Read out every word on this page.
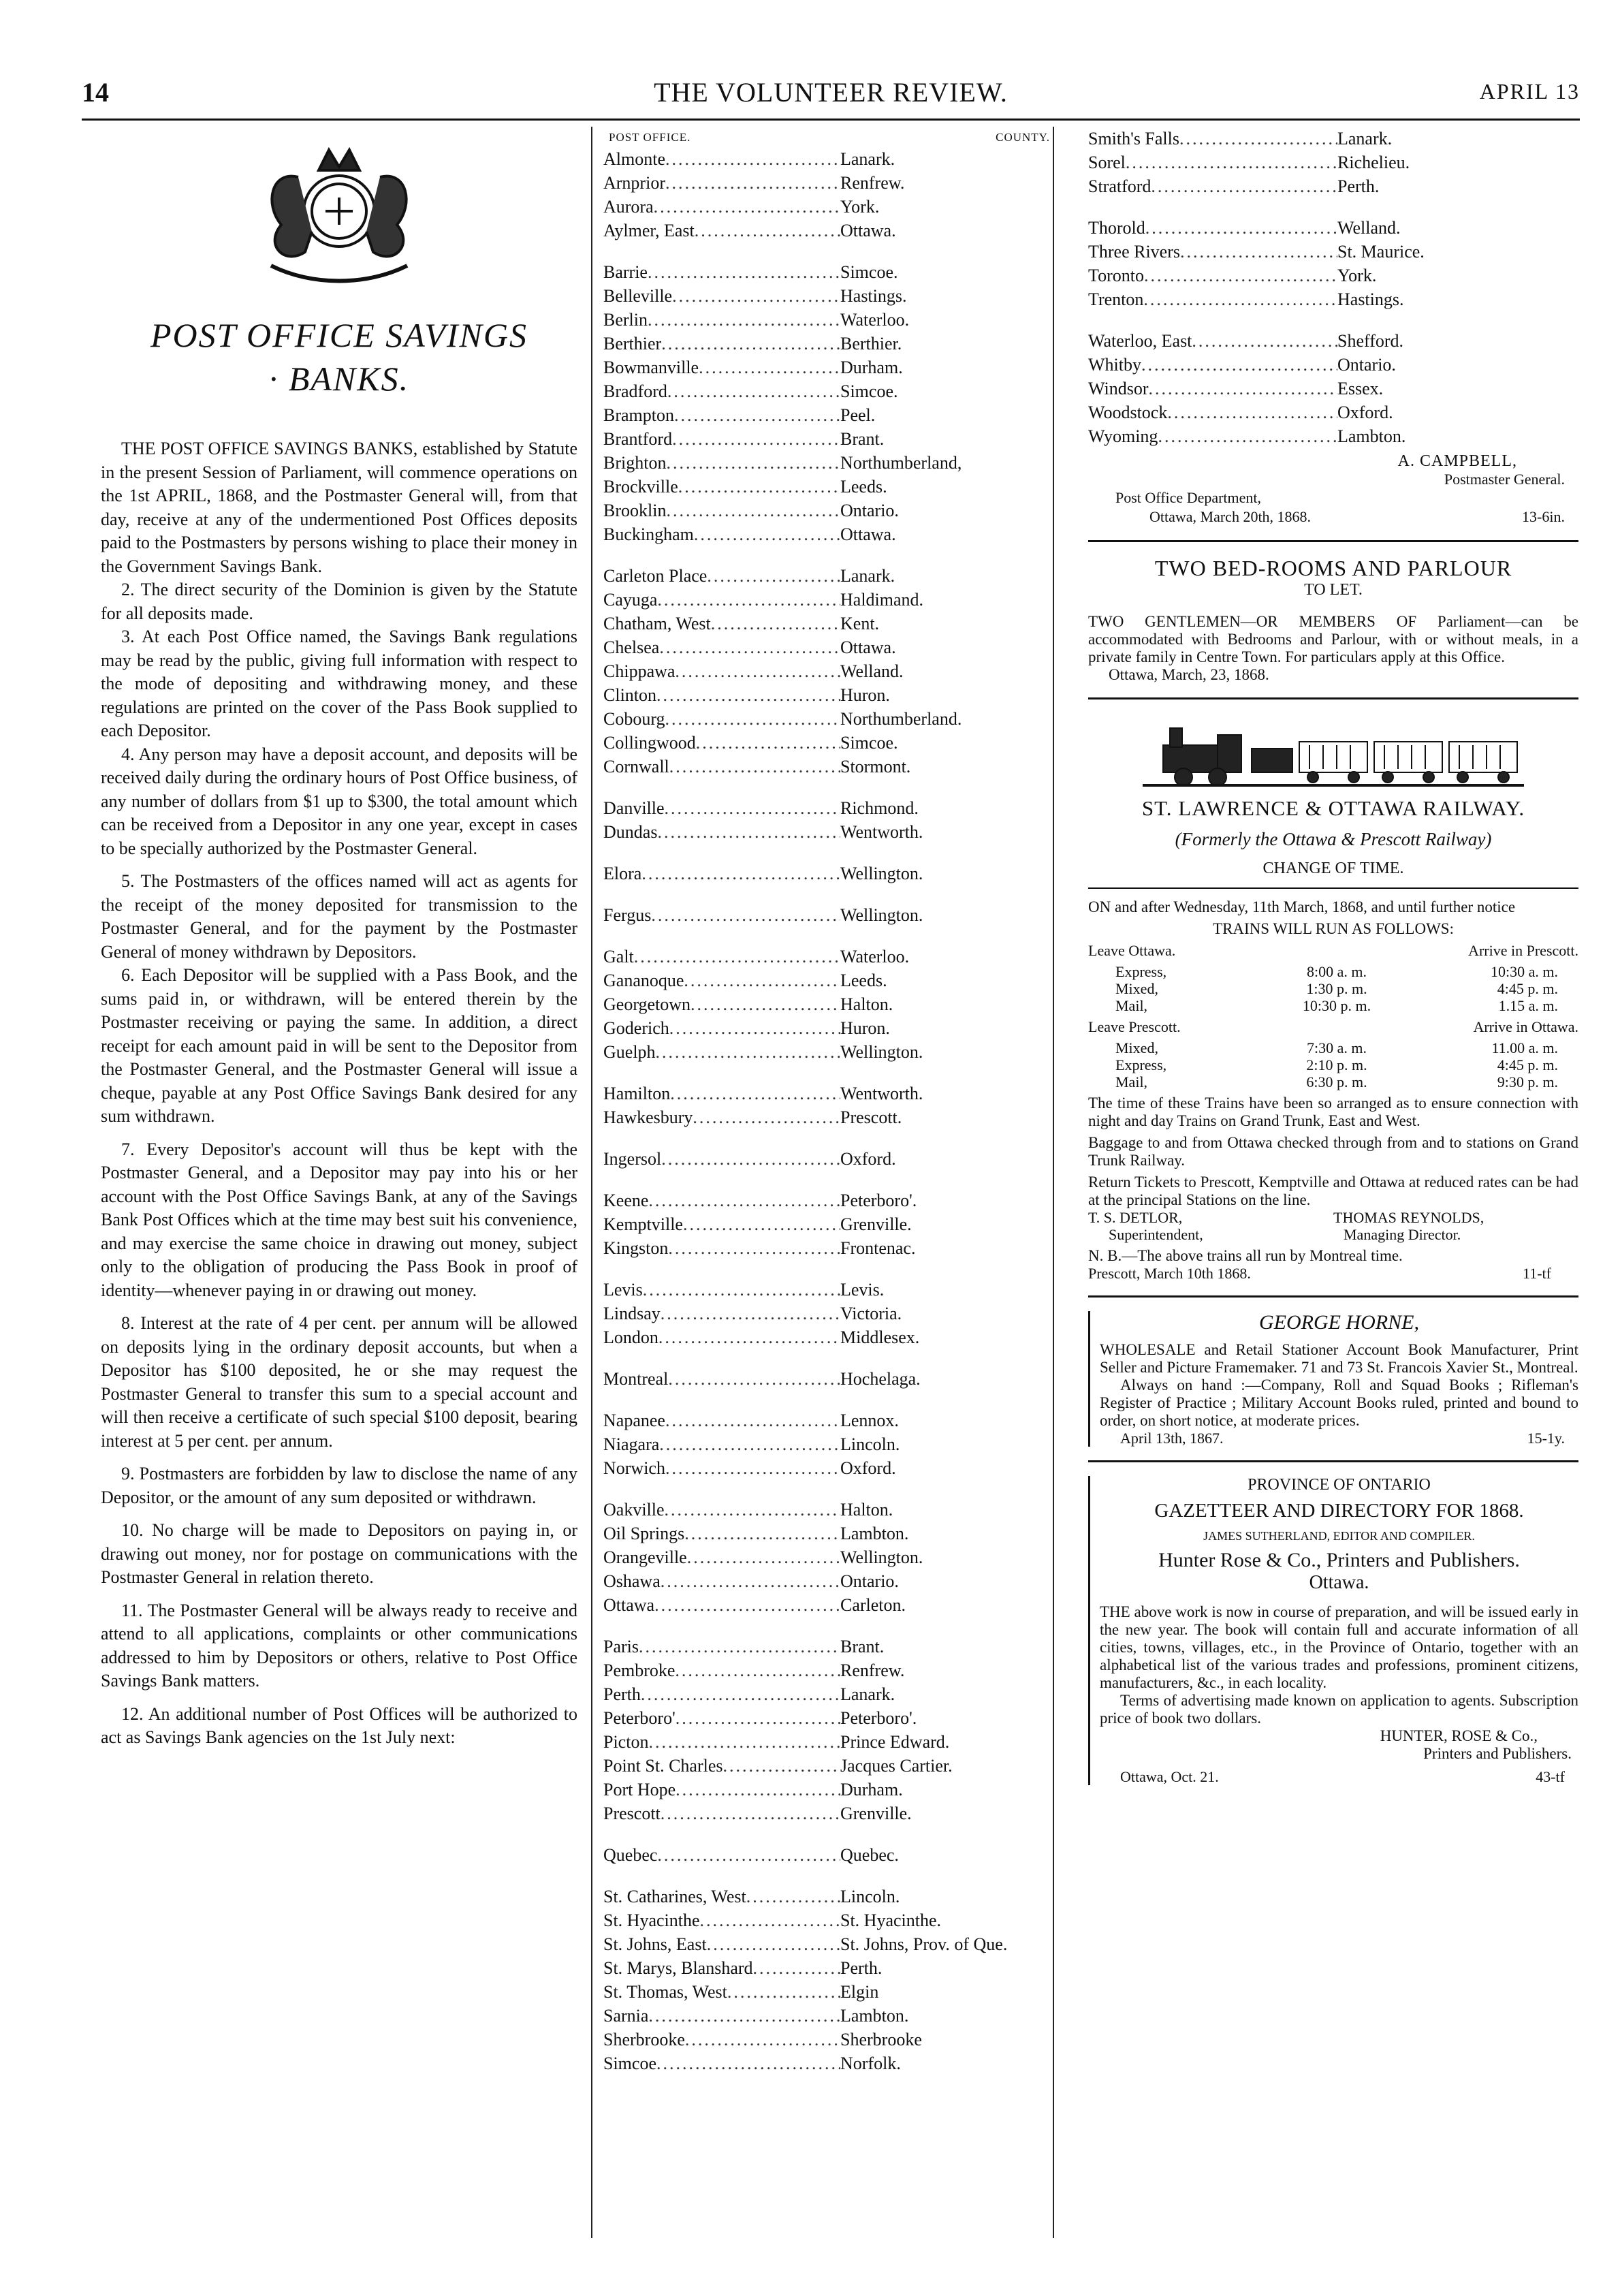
14	THE VOLUNTEER REVIEW.	APRIL 13
POST OFFICE SAVINGS
· BANKS.

THE POST OFFICE SAVINGS BANKS, established by Statute in the present Session of Parliament, will commence operations on the 1st APRIL, 1868, and the Postmaster General will, from that day, receive at any of the undermentioned Post Offices deposits paid to the Postmasters by persons wishing to place their money in the Government Savings Bank.

2. The direct security of the Dominion is given by the Statute for all deposits made.

3. At each Post Office named, the Savings Bank regulations may be read by the public, giving full information with respect to the mode of depositing and withdrawing money, and these regulations are printed on the cover of the Pass Book supplied to each Depositor.

4. Any person may have a deposit account, and deposits will be received daily during the ordinary hours of Post Office business, of any number of dollars from $1 up to $300, the total amount which can be received from a Depositor in any one year, except in cases to be specially authorized by the Postmaster General.

5. The Postmasters of the offices named will act as agents for the receipt of the money deposited for transmission to the Postmaster General, and for the payment by the Postmaster General of money withdrawn by Depositors.

6. Each Depositor will be supplied with a Pass Book, and the sums paid in, or withdrawn, will be entered therein by the Postmaster receiving or paying the same. In addition, a direct receipt for each amount paid in will be sent to the Depositor from the Postmaster General, and the Postmaster General will issue a cheque, payable at any Post Office Savings Bank desired for any sum withdrawn.

7. Every Depositor's account will thus be kept with the Postmaster General, and a Depositor may pay into his or her account with the Post Office Savings Bank, at any of the Savings Bank Post Offices which at the time may best suit his convenience, and may exercise the same choice in drawing out money, subject only to the obligation of producing the Pass Book in proof of identity—whenever paying in or drawing out money.

8. Interest at the rate of 4 per cent. per annum will be allowed on deposits lying in the ordinary deposit accounts, but when a Depositor has $100 deposited, he or she may request the Postmaster General to transfer this sum to a special account and will then receive a certificate of such special $100 deposit, bearing interest at 5 per cent. per annum.

9. Postmasters are forbidden by law to disclose the name of any Depositor, or the amount of any sum deposited or withdrawn.

10. No charge will be made to Depositors on paying in, or drawing out money, nor for postage on communications with the Postmaster General in relation thereto.

11. The Postmaster General will be always ready to receive and attend to all applications, complaints or other communications addressed to him by Depositors or others, relative to Post Office Savings Bank matters.

12. An additional number of Post Offices will be authorized to act as Savings Bank agencies on the 1st July next:

POST OFFICE.	COUNTY.
Almonte .....	Lanark.
Arnprior .....	Renfrew.
Aurora .....	York.
Aylmer, East .....	Ottawa.
Barrie .....	Simcoe.
Belleville .....	Hastings.
Berlin .....	Waterloo.
Berthier .....	Berthier.
Bowmanville .....	Durham.
Bradford .....	Simcoe.
Brampton .....	Peel.
Brantford .....	Brant.
Brighton .....	Northumberland,
Brockville .....	Leeds.
Brooklin .....	Ontario.
Buckingham .....	Ottawa.
Carleton Place .....	Lanark.
Cayuga .....	Haldimand.
Chatham, West .....	Kent.
Chelsea .....	Ottawa.
Chippawa .....	Welland.
Clinton .....	Huron.
Cobourg .....	Northumberland.
Collingwood .....	Simcoe.
Cornwall .....	Stormont.
Danville .....	Richmond.
Dundas .....	Wentworth.
Elora .....	Wellington.
Fergus .....	Wellington.
Galt .....	Waterloo.
Gananoque .....	Leeds.
Georgetown .....	Halton.
Goderich .....	Huron.
Guelph .....	Wellington.
Hamilton .....	Wentworth.
Hawkesbury .....	Prescott.
Ingersol .....	Oxford.
Keene .....	Peterboro'.
Kemptville .....	Grenville.
Kingston .....	Frontenac.
Levis .....	Levis.
Lindsay .....	Victoria.
London .....	Middlesex.
Montreal .....	Hochelaga.
Napanee .....	Lennox.
Niagara .....	Lincoln.
Norwich .....	Oxford.
Oakville .....	Halton.
Oil Springs .....	Lambton.
Orangeville .....	Wellington.
Oshawa .....	Ontario.
Ottawa .....	Carleton.
Paris .....	Brant.
Pembroke .....	Renfrew.
Perth .....	Lanark.
Peterboro' .....	Peterboro'.
Picton .....	Prince Edward.
Point St. Charles .....	Jacques Cartier.
Port Hope .....	Durham.
Prescott .....	Grenville.
Quebec .....	Quebec.
St. Catharines, West .....	Lincoln.
St. Hyacinthe .....	St. Hyacinthe.
St. Johns, East .....	St. Johns, Prov. of Que.
St. Marys, Blanshard .....	Perth.
St. Thomas, West .....	Elgin
Sarnia .....	Lambton.
Sherbrooke .....	Sherbrooke
Simcoe .....	Norfolk.
Smith's Falls .....	Lanark.
Sorel .....	Richelieu.
Stratford .....	Perth.
Thorold .....	Welland.
Three Rivers .....	St. Maurice.
Toronto .....	York.
Trenton .....	Hastings.
Waterloo, East .....	Shefford.
Whitby .....	Ontario.
Windsor .....	Essex.
Woodstock .....	Oxford.
Wyoming .....	Lambton.
A. CAMPBELL,
Postmaster General.
Post Office Department,
Ottawa, March 20th, 1868.	13-6in.
TWO BED-ROOMS AND PARLOUR
TO LET.
TWO GENTLEMEN—OR MEMBERS OF Parliament—can be accommodated with Bedrooms and Parlour, with or without meals, in a private family in Centre Town. For particulars apply at this Office.
Ottawa, March, 23, 1868.
ST. LAWRENCE & OTTAWA RAILWAY.
(Formerly the Ottawa & Prescott Railway)
CHANGE OF TIME.
ON and after Wednesday, 11th March, 1868, and until further notice
TRAINS WILL RUN AS FOLLOWS:
Leave Ottawa.	Arrive in Prescott.
Express,	8:00 a. m.	10:30 a. m.
Mixed,	1:30 p. m.	4:45 p. m.
Mail,	10:30 p. m.	1.15 a. m.
Leave Prescott.	Arrive in Ottawa.
Mixed,	7:30 a. m.	11.00 a. m.
Express,	2:10 p. m.	4:45 p. m.
Mail,	6:30 p. m.	9:30 p. m.
The time of these Trains have been so arranged as to ensure connection with night and day Trains on Grand Trunk, East and West.
Baggage to and from Ottawa checked through from and to stations on Grand Trunk Railway.
Return Tickets to Prescott, Kemptville and Ottawa at reduced rates can be had at the principal Stations on the line.
T. S. DETLOR,	THOMAS REYNOLDS,
Superintendent,	Managing Director.
N. B.—The above trains all run by Montreal time.
Prescott, March 10th 1868.	11-tf
GEORGE HORNE,
WHOLESALE and Retail Stationer Account Book Manufacturer, Print Seller and Picture Framemaker. 71 and 73 St. Francois Xavier St., Montreal.
Always on hand :—Company, Roll and Squad Books ; Rifleman's Register of Practice ; Military Account Books ruled, printed and bound to order, on short notice, at moderate prices.
April 13th, 1867.	15-1y.
PROVINCE OF ONTARIO
GAZETTEER AND DIRECTORY FOR 1868.
JAMES SUTHERLAND, EDITOR AND COMPILER.
Hunter Rose & Co., Printers and Publishers.
Ottawa.
THE above work is now in course of preparation, and will be issued early in the new year. The book will contain full and accurate information of all cities, towns, villages, etc., in the Province of Ontario, together with an alphabetical list of the various trades and professions, prominent citizens, manufacturers, &c., in each locality.
Terms of advertising made known on application to agents. Subscription price of book two dollars.
HUNTER, ROSE & Co.,
Printers and Publishers.
Ottawa, Oct. 21.	43-tf
